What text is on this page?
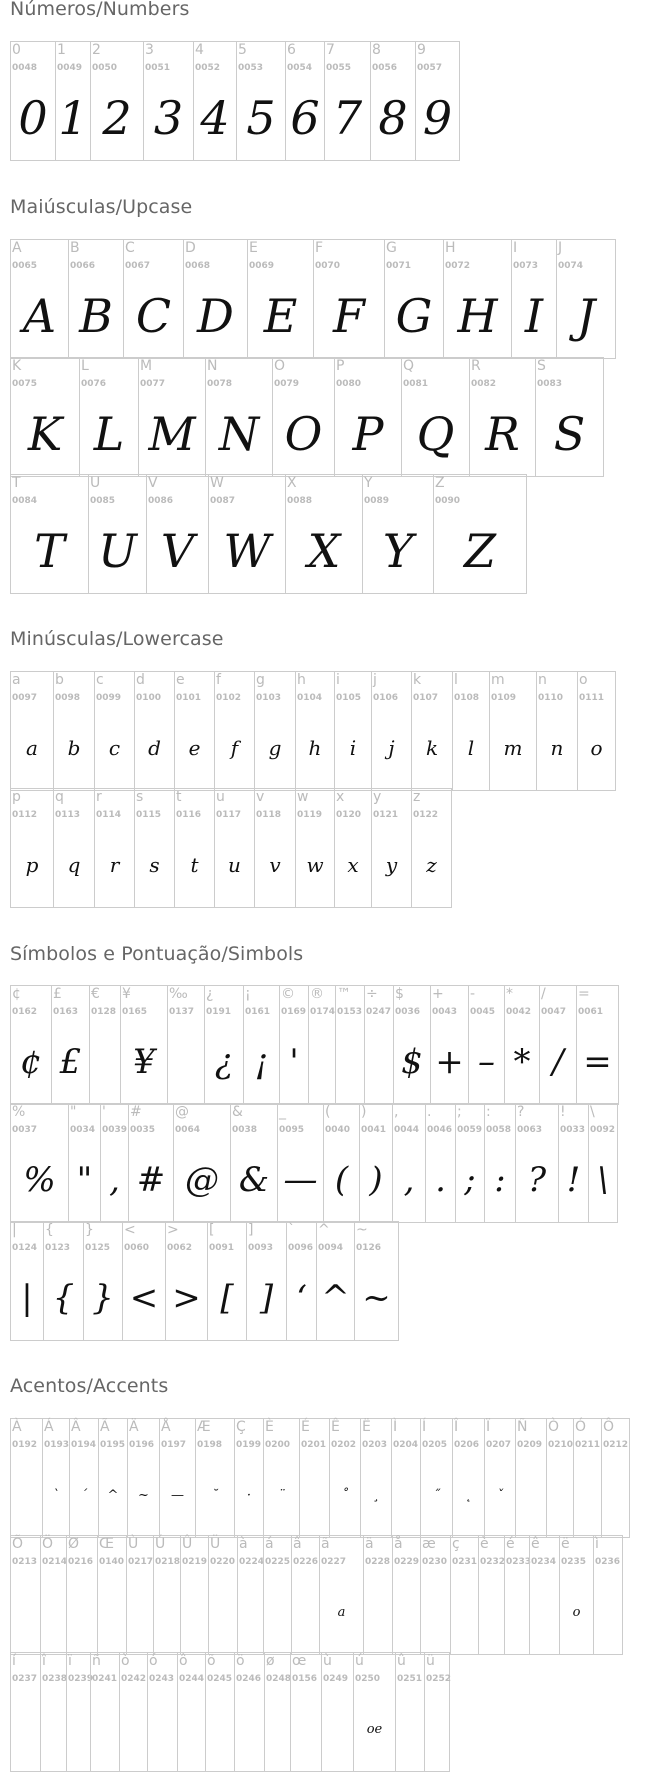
Números/Numbers
Maiúsculas/Upcase
Minúsculas/Lowercase
Símbolos e Pontuação/Simbols
Acentos/Accents
0
0048
0
1
0049
1
2
0050
2
3
0051
3
4
0052
4
5
0053
5
6
0054
6
7
0055
7
8
0056
8
9
0057
9
A
0065
A
B
0066
B
C
0067
C
D
0068
D
E
0069
E
F
0070
F
G
0071
G
H
0072
H
I
0073
I
J
0074
J
K
0075
K
L
0076
L
M
0077
M
N
0078
N
O
0079
O
P
0080
P
Q
0081
Q
R
0082
R
S
0083
S
T
0084
T
U
0085
U
V
0086
V
W
0087
W
X
0088
X
Y
0089
Y
Z
0090
Z
a
0097
a
b
0098
b
c
0099
c
d
0100
d
e
0101
e
f
0102
f
g
0103
g
h
0104
h
i
0105
i
j
0106
j
k
0107
k
l
0108
l
m
0109
m
n
0110
n
o
0111
o
p
0112
p
q
0113
q
r
0114
r
s
0115
s
t
0116
t
u
0117
u
v
0118
v
w
0119
w
x
0120
x
y
0121
y
z
0122
z
¢
0162
¢
£
0163
£
€
0128
¥
0165
¥
‰
0137
¿
0191
¿
¡
0161
¡
©
0169
'
®
0174
™
0153
÷
0247
$
0036
$
+
0043
+
-
0045
–
*
0042
*
/
0047
/
=
0061
=
%
0037
%
"
0034
"
'
0039
,
#
0035
#
@
0064
@
&
0038
&
_
0095
—
(
0040
(
)
0041
)
,
0044
,
.
0046
.
;
0059
;
:
0058
:
?
0063
?
!
0033
!
\
0092
\
|
0124
|
{
0123
{
}
0125
}
<
0060
<
>
0062
>
[
0091
[
]
0093
]
`
0096
‘
^
0094
^
~
0126
~
À
0192
Á
0193
`
Â
0194
´
Ã
0195
^
Ä
0196
~
Å
0197
—
Æ
0198
˘
Ç
0199
·
È
0200
¨
É
0201
Ê
0202
˚
Ë
0203
¸
Ì
0204
Í
0205
˝
Î
0206
˛
Ï
0207
ˇ
Ñ
0209
Ò
0210
Ó
0211
Ô
0212
Õ
0213
Ö
0214
Ø
0216
Œ
0140
Ù
0217
Ú
0218
Û
0219
Ü
0220
à
0224
á
0225
â
0226
ã
0227
a
ä
0228
å
0229
æ
0230
ç
0231
è
0232
é
0233
ê
0234
ë
0235
o
ì
0236
í
0237
î
0238
ï
0239
ñ
0241
ò
0242
ó
0243
ô
0244
õ
0245
ö
0246
ø
0248
œ
0156
ù
0249
ú
0250
oe
û
0251
ü
0252
